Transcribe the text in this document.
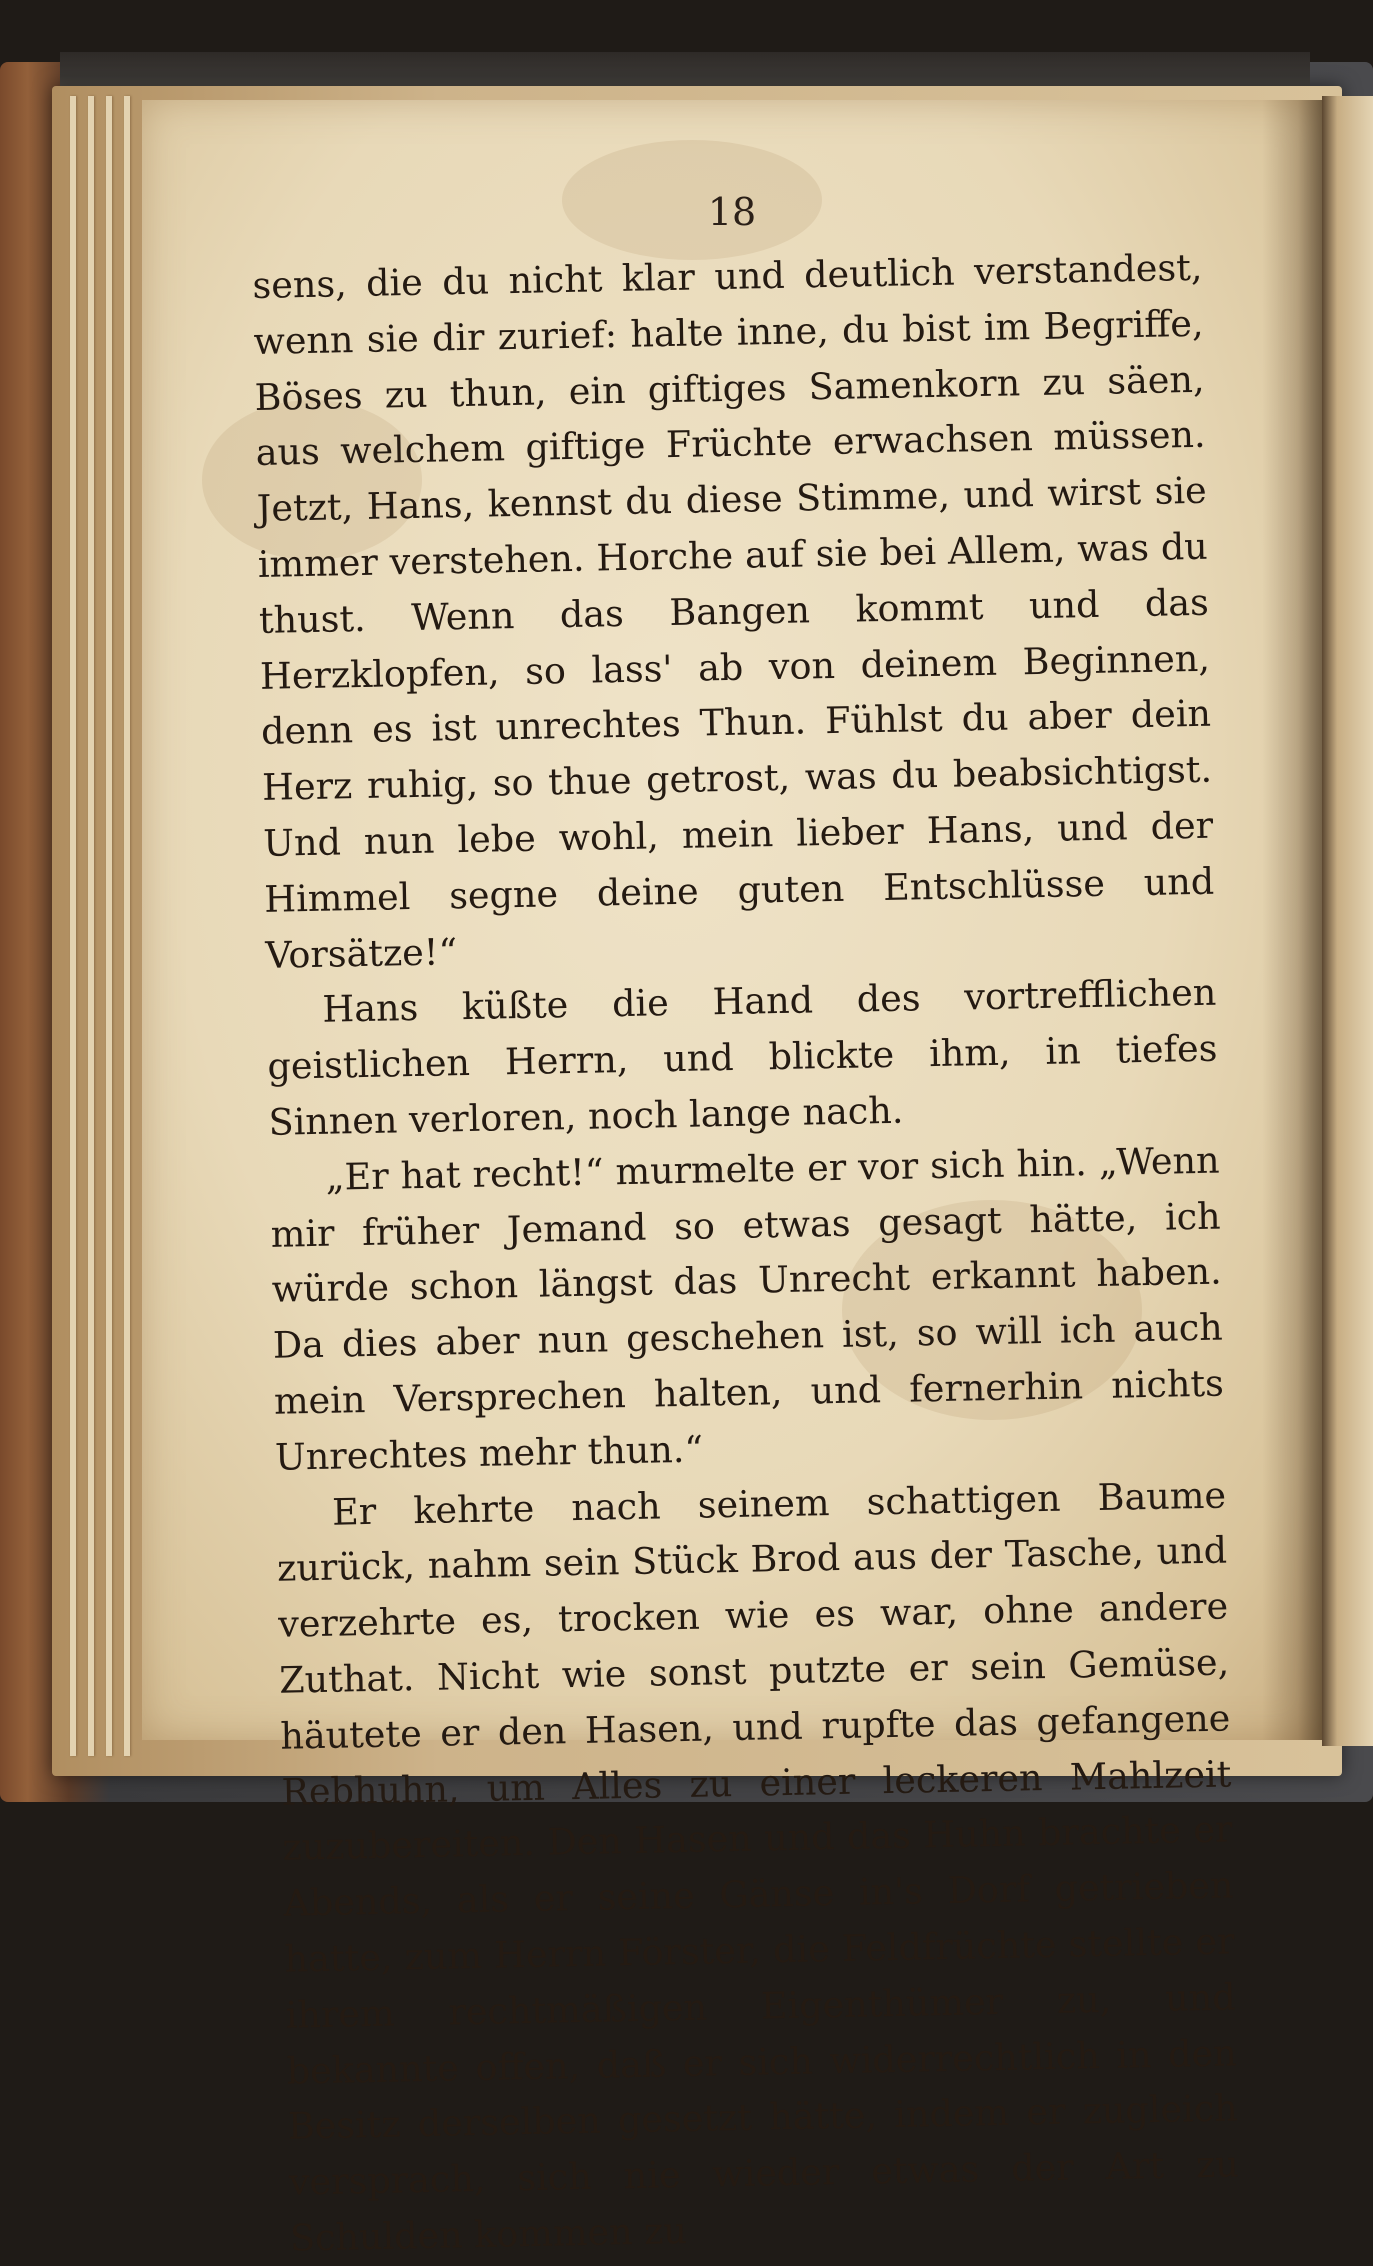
18

sens, die du nicht klar und deutlich verstandest, wenn sie dir zurief: halte inne, du bist im Begriffe, Böses zu thun, ein giftiges Samenkorn zu säen, aus welchem giftige Früchte erwachsen müssen. Jetzt, Hans, kennst du diese Stimme, und wirst sie immer verstehen. Horche auf sie bei Allem, was du thust. Wenn das Bangen kommt und das Herzklopfen, so lass' ab von deinem Beginnen, denn es ist unrechtes Thun. Fühlst du aber dein Herz ruhig, so thue getrost, was du beabsichtigst. Und nun lebe wohl, mein lieber Hans, und der Himmel segne deine guten Entschlüsse und Vorsätze!“

Hans küßte die Hand des vortrefflichen geistlichen Herrn, und blickte ihm, in tiefes Sinnen verloren, noch lange nach.

„Er hat recht!“ murmelte er vor sich hin. „Wenn mir früher Jemand so etwas gesagt hätte, ich würde schon längst das Unrecht erkannt haben. Da dies aber nun geschehen ist, so will ich auch mein Versprechen halten, und fernerhin nichts Unrechtes mehr thun.“

Er kehrte nach seinem schattigen Baume zurück, nahm sein Stück Brod aus der Tasche, und verzehrte es, trocken wie es war, ohne andere Zuthat. Nicht wie sonst putzte er sein Gemüse, häutete er den Hasen, und rupfte das gefangene Rebhuhn, um Alles zu einer leckeren Mahlzeit zuzubereiten. Den Hasen und das Huhn brachte er Abends, als er seine Gänse in's Dorf getrieben hatte, zum Herrn Förster, die Feldfrüchte stellte er ihrem rechtmäßigen Eigenthümer zu, und bekannte offen, daß er sich widerrechtlich in den Besitz derselben gesetzt hätte, indem er zugleich versprach, sich nie wieder etwas der Art zu Schulden kommen zu
